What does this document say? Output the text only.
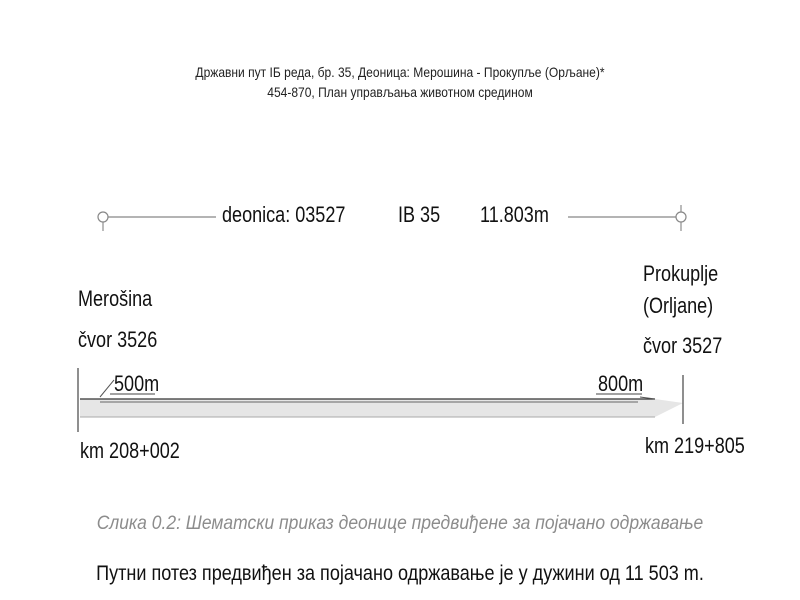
Државни пут IБ реда, бр. 35, Деоница: Мерошина - Прокупље (Орљане)*
454-870, План управљања животном средином
deonica: 03527 IB 35 11.803m
Merošina
čvor 3526
Prokuplje
(Orljane)
čvor 3527
500m	800m
km 208+002	km 219+805
Слика 0.2: Шематски приказ деонице предвиђене за појачано одржавање
Путни потез предвиђен за појачано одржавање је у дужини од 11 503 m.
